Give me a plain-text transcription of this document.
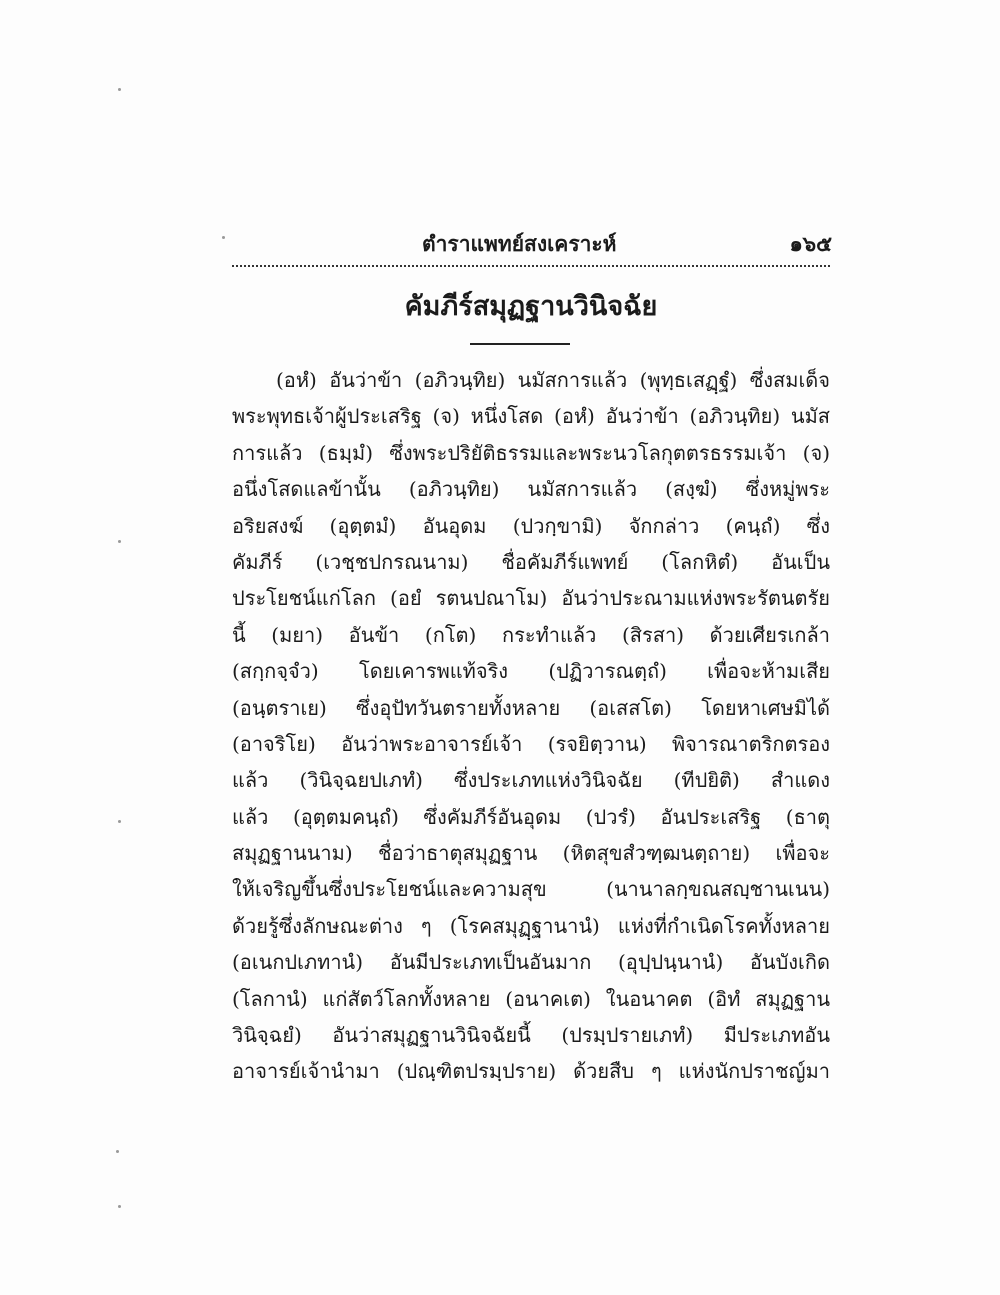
ตำราแพทย์สงเคราะห์	๑๖๕
คัมภีร์สมุฏฐานวินิจฉัย
(อหํ) อันว่าข้า (อภิวนฺทิย) นมัสการแล้ว (พุทฺธเสฏฺฐํ) ซึ่งสมเด็จ
พระพุทธเจ้าผู้ประเสริฐ (จ) หนึ่งโสด (อหํ) อันว่าข้า (อภิวนฺทิย) นมัส
การแล้ว (ธมฺมํ) ซึ่งพระปริยัติธรรมและพระนวโลกุตตรธรรมเจ้า (จ)
อนึ่งโสดแลข้านั้น (อภิวนฺทิย) นมัสการแล้ว (สงฺฆํ) ซึ่งหมู่พระ
อริยสงฆ์ (อุตฺตมํ) อันอุดม (ปวกฺขามิ) จักกล่าว (คนฺถํ) ซึ่ง
คัมภีร์ (เวชฺชปกรณนาม) ชื่อคัมภีร์แพทย์ (โลกหิตํ) อันเป็น
ประโยชน์แก่โลก (อยํ รตนปณาโม) อันว่าประณามแห่งพระรัตนตรัย
นี้ (มยา) อันข้า (กโต) กระทำแล้ว (สิรสา) ด้วยเศียรเกล้า
(สกฺกจฺจํว) โดยเคารพแท้จริง (ปฏิวารณตฺถํ) เพื่อจะห้ามเสีย
(อนฺตราเย) ซึ่งอุปัทวันตรายทั้งหลาย (อเสสโต) โดยหาเศษมิได้
(อาจริโย) อันว่าพระอาจารย์เจ้า (รจยิตฺวาน) พิจารณาตริกตรอง
แล้ว (วินิจฺฉยปเภทํ) ซึ่งประเภทแห่งวินิจฉัย (ทีปยิติ) สำแดง
แล้ว (อุตฺตมคนฺถํ) ซึ่งคัมภีร์อันอุดม (ปวรํ) อันประเสริฐ (ธาตุ
สมุฏฐานนาม) ชื่อว่าธาตุสมุฏฐาน (หิตสุขสํวฑฺฒนตฺถาย) เพื่อจะ
ให้เจริญขึ้นซึ่งประโยชน์และความสุข (นานาลกฺขณสญฺชานเนน)
ด้วยรู้ซึ่งลักษณะต่าง ๆ (โรคสมุฏฺฐานานํ) แห่งที่กำเนิดโรคทั้งหลาย
(อเนกปเภทานํ) อันมีประเภทเป็นอันมาก (อุปฺปนฺนานํ) อันบังเกิด
(โลกานํ) แก่สัตว์โลกทั้งหลาย (อนาคเต) ในอนาคต (อิทํ สมุฏฐาน
วินิจฺฉยํ) อันว่าสมุฏฐานวินิจฉัยนี้ (ปรมฺปรายเภทํ) มีประเภทอัน
อาจารย์เจ้านำมา (ปณฺฑิตปรมฺปราย) ด้วยสืบ ๆ แห่งนักปราชญ์มา
